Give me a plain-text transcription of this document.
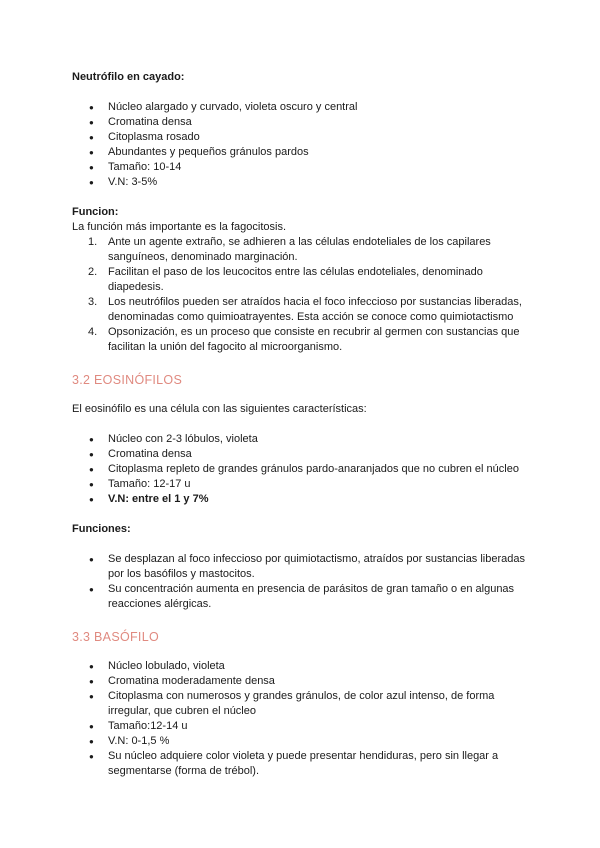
Neutrófilo en cayado:

● Núcleo alargado y curvado, violeta oscuro y central
● Cromatina densa
● Citoplasma rosado
● Abundantes y pequeños gránulos pardos
● Tamaño: 10-14
● V.N: 3-5%

Funcion:

La función más importante es la fagocitosis.

1. Ante un agente extraño, se adhieren a las células endoteliales de los capilares sanguíneos, denominado marginación.
2. Facilitan el paso de los leucocitos entre las células endoteliales, denominado diapedesis.
3. Los neutrófilos pueden ser atraídos hacia el foco infeccioso por sustancias liberadas, denominadas como quimioatrayentes. Esta acción se conoce como quimiotactismo
4. Opsonización, es un proceso que consiste en recubrir al germen con sustancias que facilitan la unión del fagocito al microorganismo.

3.2 EOSINÓFILOS

El eosinófilo es una célula con las siguientes características:

● Núcleo con 2-3 lóbulos, violeta
● Cromatina densa
● Citoplasma repleto de grandes gránulos pardo-anaranjados que no cubren el núcleo
● Tamaño: 12-17 u
● V.N: entre el 1 y 7%

Funciones:

● Se desplazan al foco infeccioso por quimiotactismo, atraídos por sustancias liberadas por los basófilos y mastocitos.
● Su concentración aumenta en presencia de parásitos de gran tamaño o en algunas reacciones alérgicas.

3.3 BASÓFILO

● Núcleo lobulado, violeta
● Cromatina moderadamente densa
● Citoplasma con numerosos y grandes gránulos, de color azul intenso, de forma irregular, que cubren el núcleo
● Tamaño:12-14 u
● V.N: 0-1,5 %
● Su núcleo adquiere color violeta y puede presentar hendiduras, pero sin llegar a segmentarse (forma de trébol).
